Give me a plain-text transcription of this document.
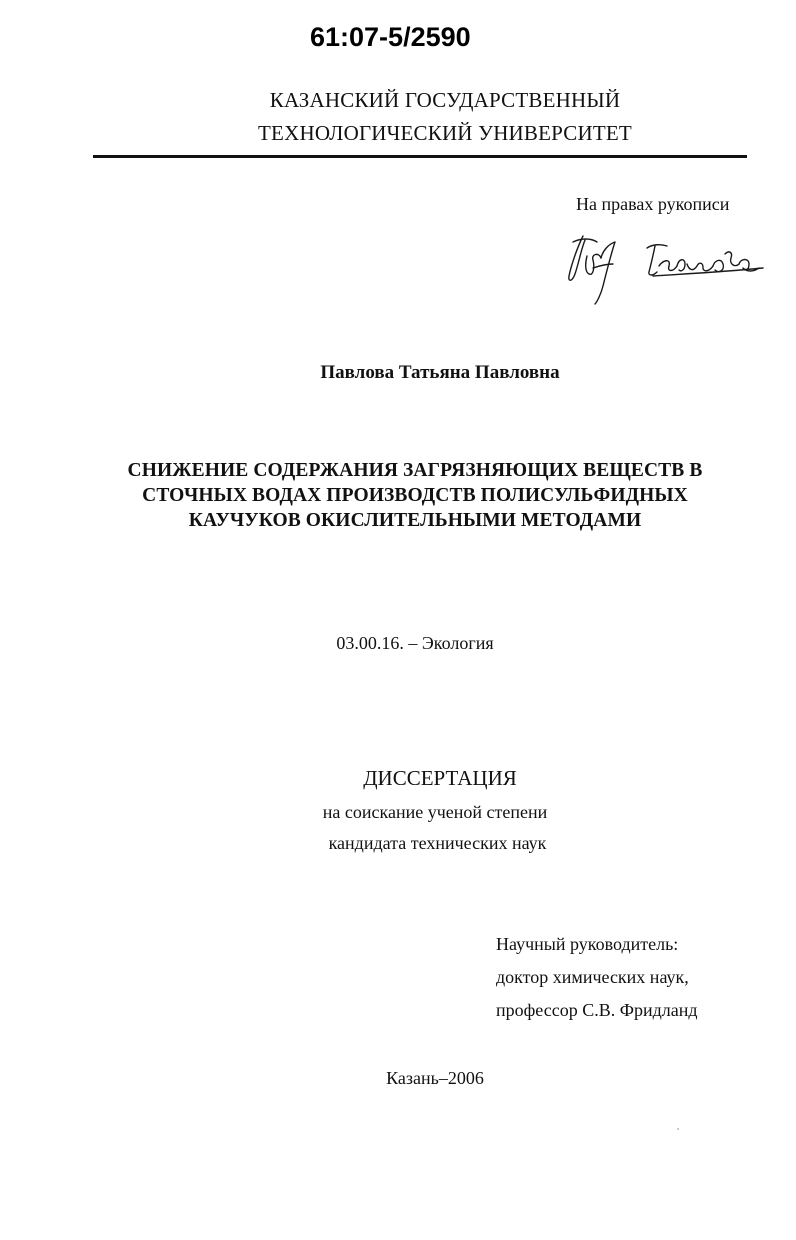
61:07-5/2590
КАЗАНСКИЙ ГОСУДАРСТВЕННЫЙ
ТЕХНОЛОГИЧЕСКИЙ УНИВЕРСИТЕТ
На правах рукописи
Павлова Татьяна Павловна
СНИЖЕНИЕ СОДЕРЖАНИЯ ЗАГРЯЗНЯЮЩИХ ВЕЩЕСТВ В
СТОЧНЫХ ВОДАХ ПРОИЗВОДСТВ ПОЛИСУЛЬФИДНЫХ
КАУЧУКОВ ОКИСЛИТЕЛЬНЫМИ МЕТОДАМИ
03.00.16. – Экология
ДИССЕРТАЦИЯ
на соискание ученой степени
кандидата технических наук
Научный руководитель:
доктор химических наук,
профессор С.В. Фридланд
Казань–2006
